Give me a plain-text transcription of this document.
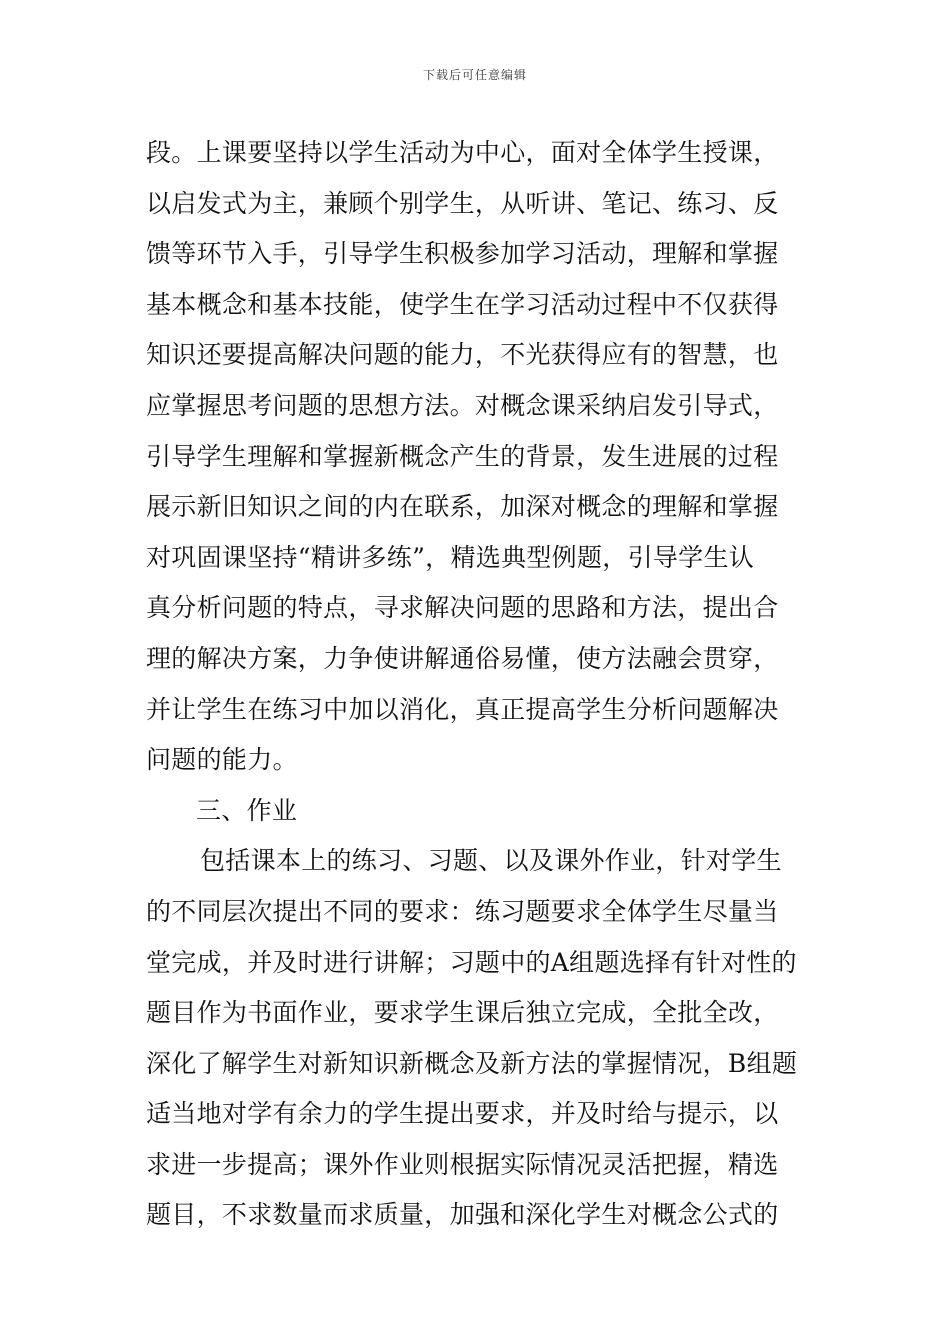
下载后可任意编辑
段。上课要坚持以学生活动为中心，面对全体学生授课，
以启发式为主，兼顾个别学生，从听讲、笔记、练习、反
馈等环节入手，引导学生积极参加学习活动，理解和掌握
基本概念和基本技能，使学生在学习活动过程中不仅获得
知识还要提高解决问题的能力，不光获得应有的智慧，也
应掌握思考问题的思想方法。对概念课采纳启发引导式，
引导学生理解和掌握新概念产生的背景，发生进展的过程
展示新旧知识之间的内在联系，加深对概念的理解和掌握
对巩固课坚持“精讲多练”，精选典型例题，引导学生认
真分析问题的特点，寻求解决问题的思路和方法，提出合
理的解决方案，力争使讲解通俗易懂，使方法融会贯穿，
并让学生在练习中加以消化，真正提高学生分析问题解决
问题的能力。
三、作业
包括课本上的练习、习题、以及课外作业，针对学生
的不同层次提出不同的要求：练习题要求全体学生尽量当
堂完成，并及时进行讲解；习题中的A组题选择有针对性的
题目作为书面作业，要求学生课后独立完成，全批全改，
深化了解学生对新知识新概念及新方法的掌握情况，B组题
适当地对学有余力的学生提出要求，并及时给与提示，以
求进一步提高；课外作业则根据实际情况灵活把握，精选
题目，不求数量而求质量，加强和深化学生对概念公式的
